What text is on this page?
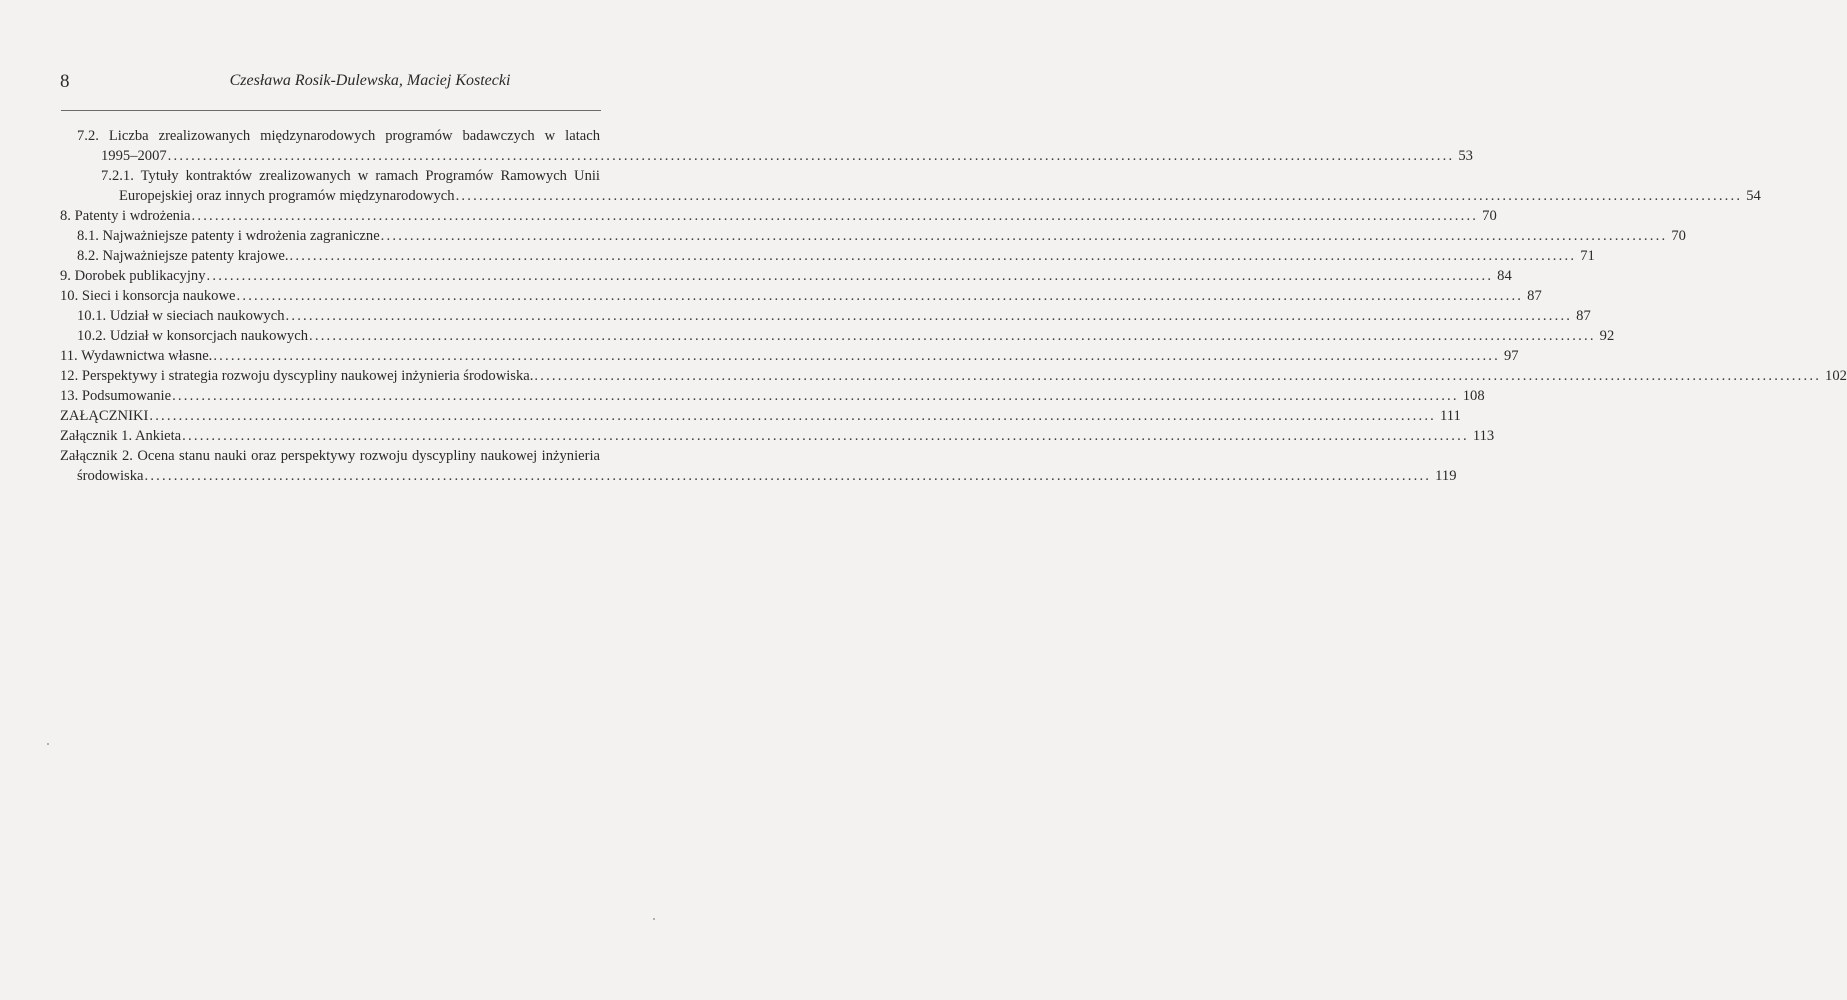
8	Czesława Rosik-Dulewska, Maciej Kostecki
7.2. Liczba zrealizowanych międzynarodowych programów badawczych w latach
1995–2007 ............................................................................................................................................................................................................................ 53
7.2.1. Tytuły kontraktów zrealizowanych w ramach Programów Ramowych Unii
Europejskiej oraz innych programów międzynarodowych ............................................................................................................................................................................................................................ 54
8. Patenty i wdrożenia ............................................................................................................................................................................................................................ 70
8.1. Najważniejsze patenty i wdrożenia zagraniczne ............................................................................................................................................................................................................................ 70
8.2. Najważniejsze patenty krajowe. ............................................................................................................................................................................................................................ 71
9. Dorobek publikacyjny ............................................................................................................................................................................................................................ 84
10. Sieci i konsorcja naukowe ............................................................................................................................................................................................................................ 87
10.1. Udział w sieciach naukowych ............................................................................................................................................................................................................................ 87
10.2. Udział w konsorcjach naukowych ............................................................................................................................................................................................................................ 92
11. Wydawnictwa własne. ............................................................................................................................................................................................................................ 97
12. Perspektywy i strategia rozwoju dyscypliny naukowej inżynieria środowiska. ............................................................................................................................................................................................................................ 102
13. Podsumowanie ............................................................................................................................................................................................................................ 108
ZAŁĄCZNIKI ............................................................................................................................................................................................................................ 111
Załącznik 1. Ankieta ............................................................................................................................................................................................................................ 113
Załącznik 2. Ocena stanu nauki oraz perspektywy rozwoju dyscypliny naukowej inżynieria
środowiska ............................................................................................................................................................................................................................ 119
